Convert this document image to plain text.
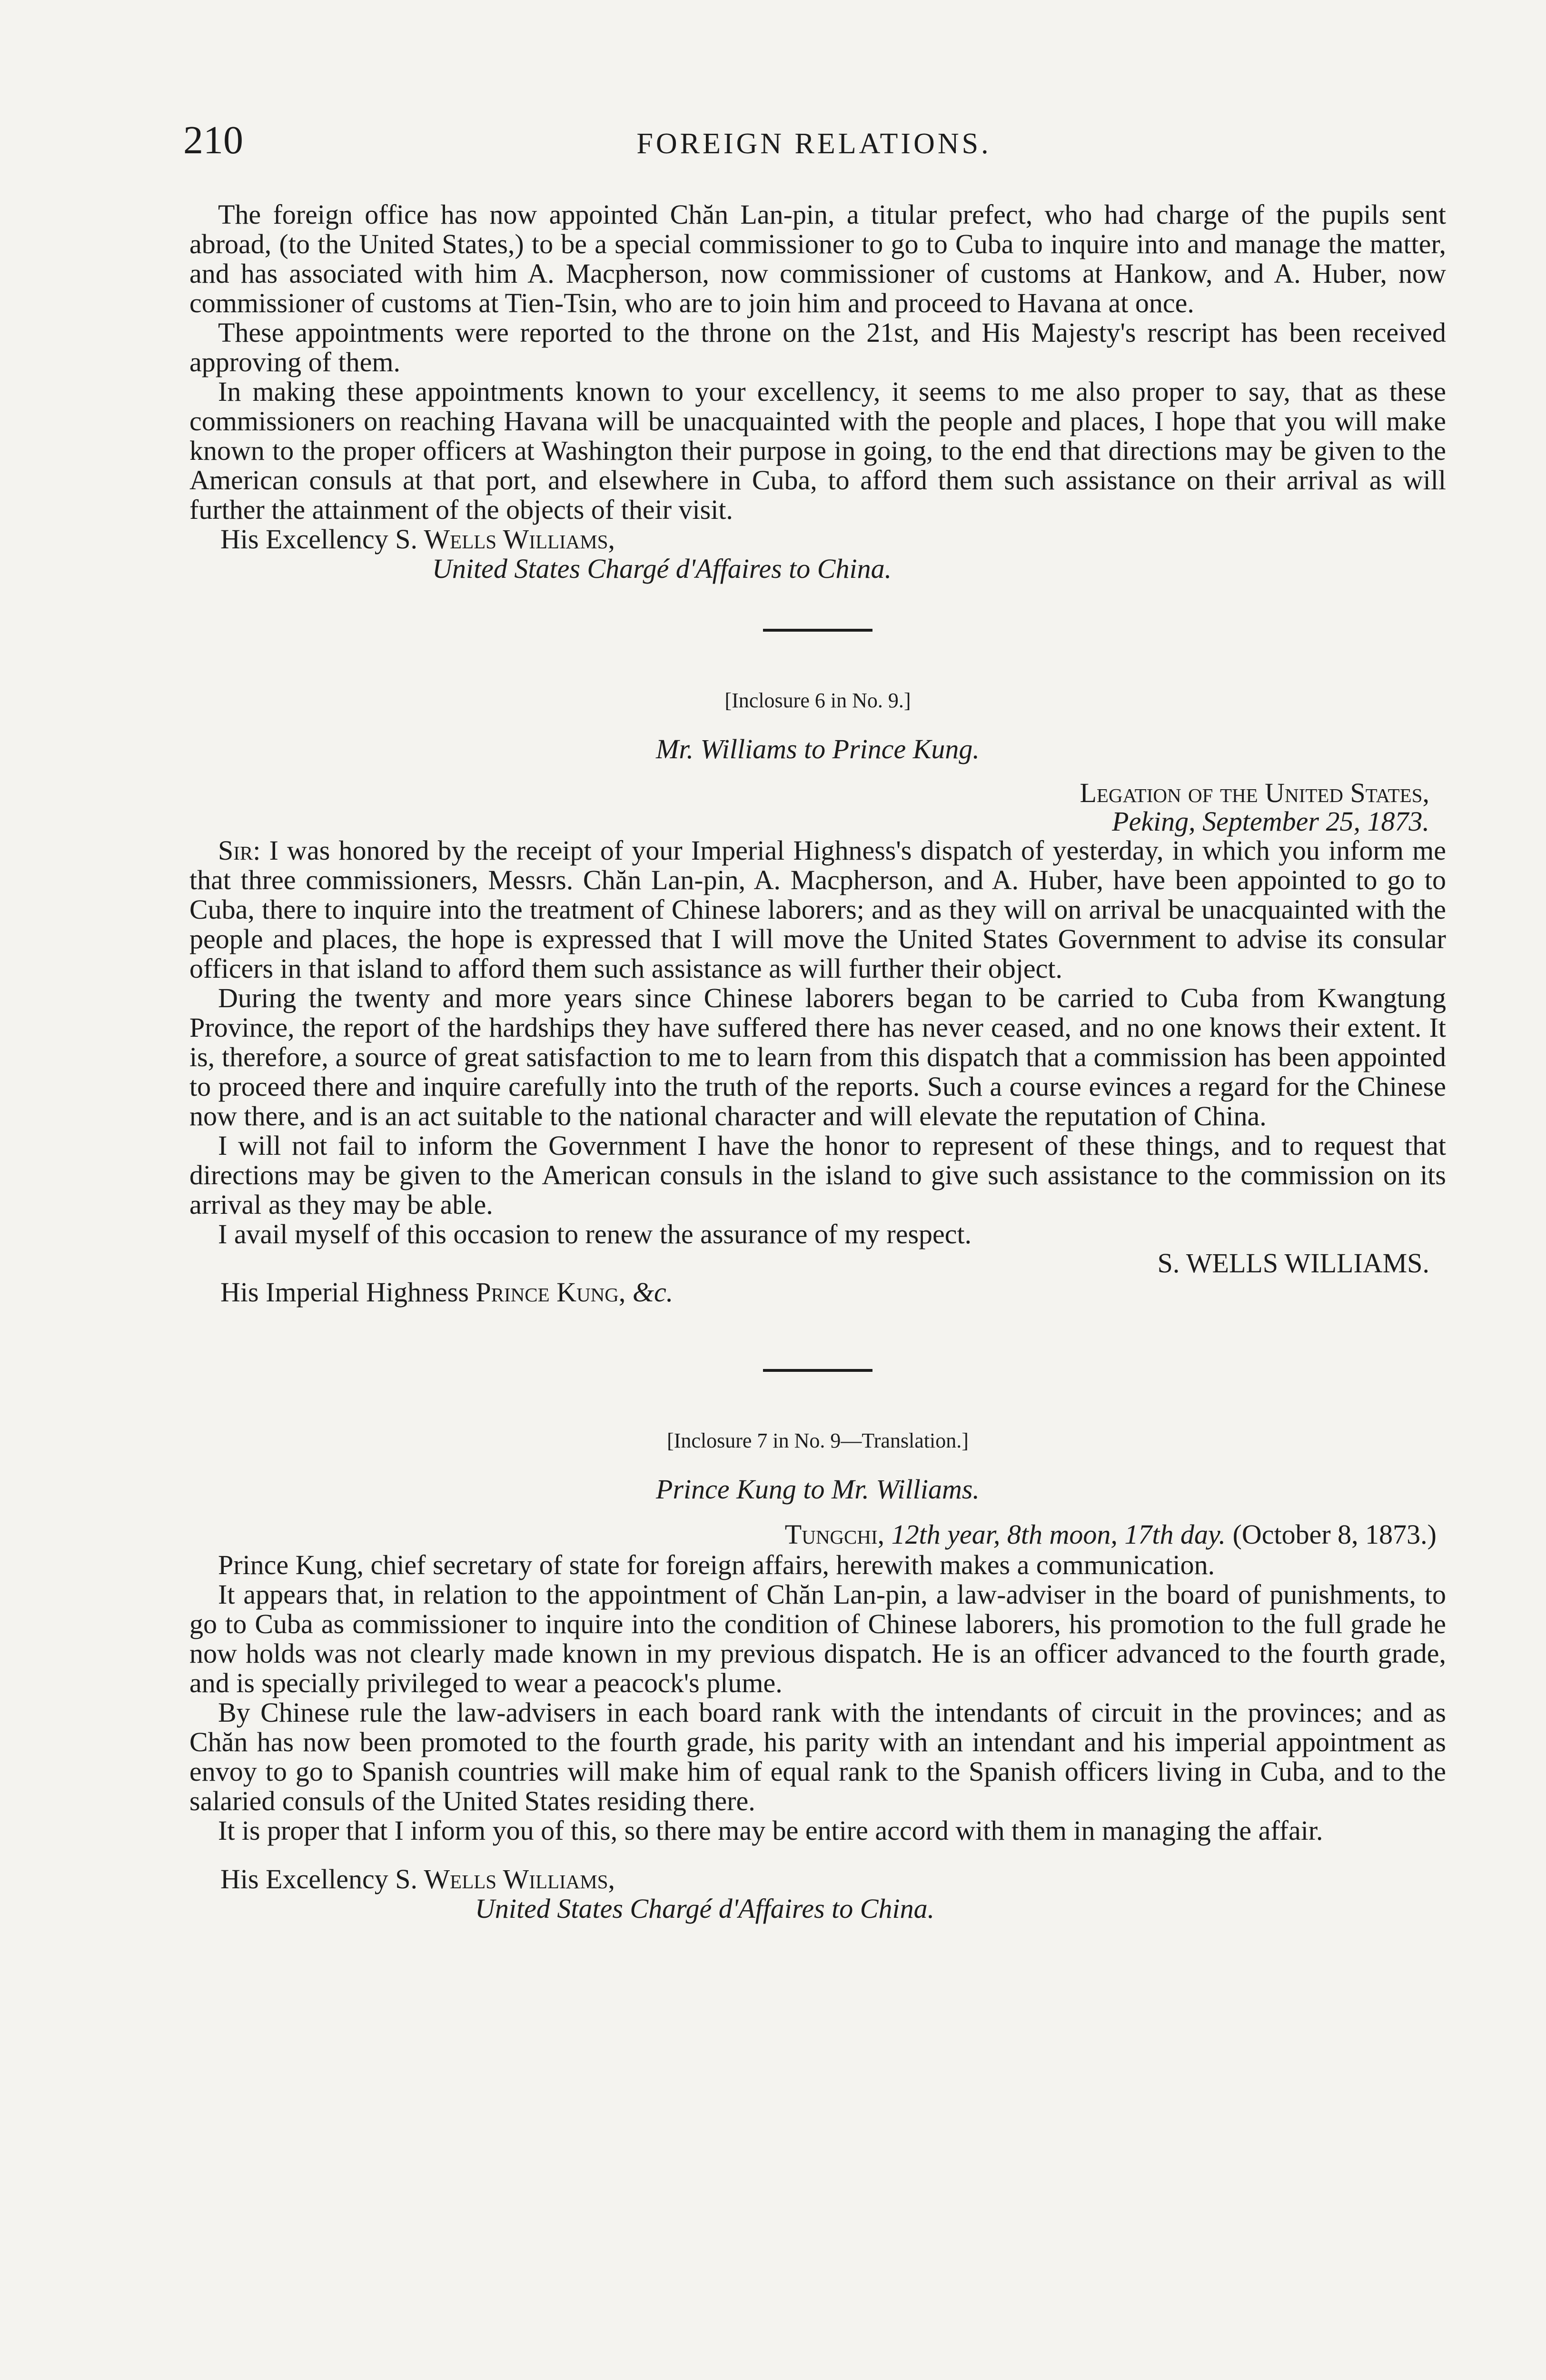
210	FOREIGN RELATIONS.

The foreign office has now appointed Chăn Lan-pin, a titular prefect, who had charge of the pupils sent abroad, (to the United States,) to be a special commissioner to go to Cuba to inquire into and manage the matter, and has associated with him A. Macpherson, now commissioner of customs at Hankow, and A. Huber, now commissioner of customs at Tien-Tsin, who are to join him and proceed to Havana at once.

These appointments were reported to the throne on the 21st, and His Majesty's rescript has been received approving of them.

In making these appointments known to your excellency, it seems to me also proper to say, that as these commissioners on reaching Havana will be unacquainted with the people and places, I hope that you will make known to the proper officers at Washington their purpose in going, to the end that directions may be given to the American consuls at that port, and elsewhere in Cuba, to afford them such assistance on their arrival as will further the attainment of the objects of their visit.

His Excellency S. Wells Williams,

United States Chargé d'Affaires to China.

[Inclosure 6 in No. 9.]
Mr. Williams to Prince Kung.
Legation of the United States,
Peking, September 25, 1873.

Sir: I was honored by the receipt of your Imperial Highness's dispatch of yesterday, in which you inform me that three commissioners, Messrs. Chăn Lan-pin, A. Macpherson, and A. Huber, have been appointed to go to Cuba, there to inquire into the treatment of Chinese laborers; and as they will on arrival be unacquainted with the people and places, the hope is expressed that I will move the United States Government to advise its consular officers in that island to afford them such assistance as will further their object.

During the twenty and more years since Chinese laborers began to be carried to Cuba from Kwangtung Province, the report of the hardships they have suffered there has never ceased, and no one knows their extent. It is, therefore, a source of great satisfaction to me to learn from this dispatch that a commission has been appointed to proceed there and inquire carefully into the truth of the reports. Such a course evinces a regard for the Chinese now there, and is an act suitable to the national character and will elevate the reputation of China.

I will not fail to inform the Government I have the honor to represent of these things, and to request that directions may be given to the American consuls in the island to give such assistance to the commission on its arrival as they may be able.

I avail myself of this occasion to renew the assurance of my respect.

S. WELLS WILLIAMS.

His Imperial Highness Prince Kung, &c.

[Inclosure 7 in No. 9—Translation.]
Prince Kung to Mr. Williams.
Tungchi, 12th year, 8th moon, 17th day. (October 8, 1873.)

Prince Kung, chief secretary of state for foreign affairs, herewith makes a communication.

It appears that, in relation to the appointment of Chăn Lan-pin, a law-adviser in the board of punishments, to go to Cuba as commissioner to inquire into the condition of Chinese laborers, his promotion to the full grade he now holds was not clearly made known in my previous dispatch. He is an officer advanced to the fourth grade, and is specially privileged to wear a peacock's plume.

By Chinese rule the law-advisers in each board rank with the intendants of circuit in the provinces; and as Chăn has now been promoted to the fourth grade, his parity with an intendant and his imperial appointment as envoy to go to Spanish countries will make him of equal rank to the Spanish officers living in Cuba, and to the salaried consuls of the United States residing there.

It is proper that I inform you of this, so there may be entire accord with them in managing the affair.

His Excellency S. Wells Williams,

United States Chargé d'Affaires to China.
